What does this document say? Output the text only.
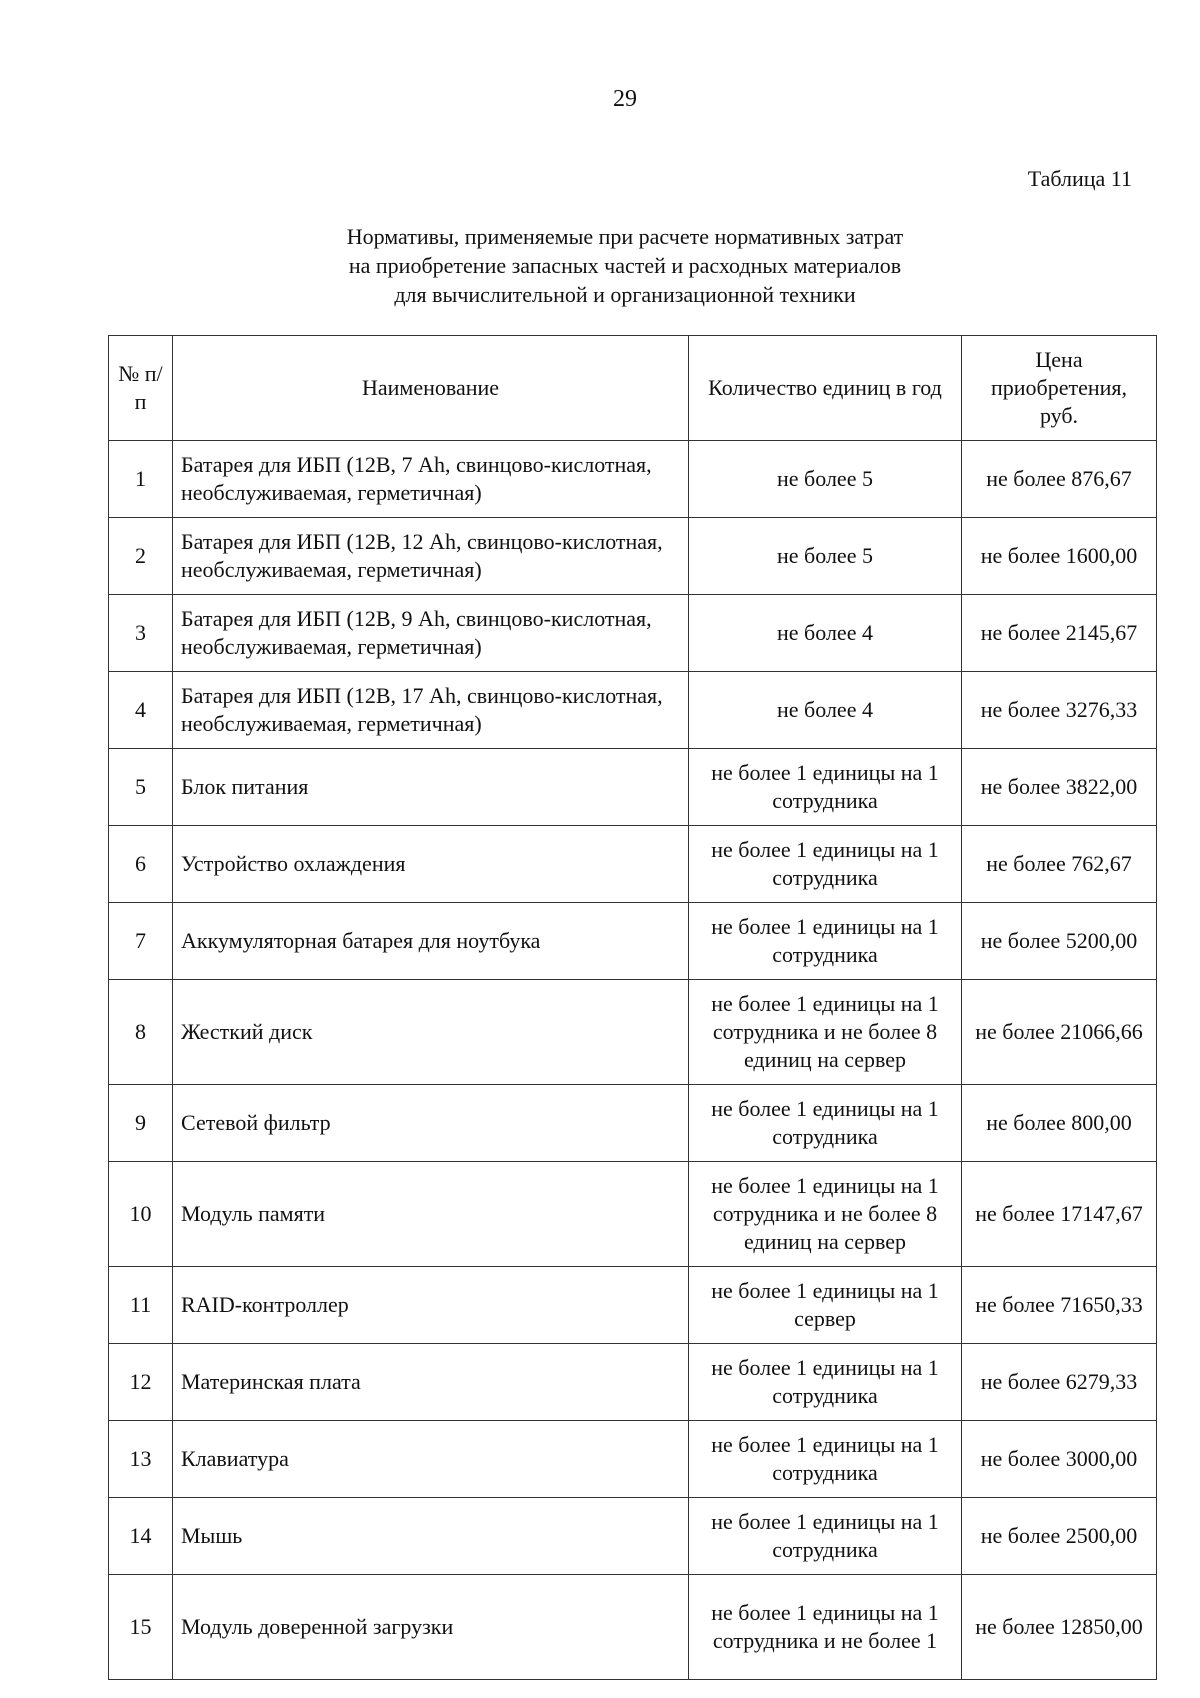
29
Таблица 11
Нормативы, применяемые при расчете нормативных затрат
на приобретение запасных частей и расходных материалов
для вычислительной и организационной техники
№ п/п	Наименование	Количество единиц в год	Цена приобретения, руб.
1	Батарея для ИБП (12В, 7 Ah, свинцово-кислотная, необслуживаемая, герметичная)	не более 5	не более 876,67
2	Батарея для ИБП (12В, 12 Ah, свинцово-кислотная, необслуживаемая, герметичная)	не более 5	не более 1600,00
3	Батарея для ИБП (12В, 9 Ah, свинцово-кислотная, необслуживаемая, герметичная)	не более 4	не более 2145,67
4	Батарея для ИБП (12В, 17 Ah, свинцово-кислотная, необслуживаемая, герметичная)	не более 4	не более 3276,33
5	Блок питания	не более 1 единицы на 1 сотрудника	не более 3822,00
6	Устройство охлаждения	не более 1 единицы на 1 сотрудника	не более 762,67
7	Аккумуляторная батарея для ноутбука	не более 1 единицы на 1 сотрудника	не более 5200,00
8	Жесткий диск	не более 1 единицы на 1 сотрудника и не более 8 единиц на сервер	не более 21066,66
9	Сетевой фильтр	не более 1 единицы на 1 сотрудника	не более 800,00
10	Модуль памяти	не более 1 единицы на 1 сотрудника и не более 8 единиц на сервер	не более 17147,67
11	RAID-контроллер	не более 1 единицы на 1 сервер	не более 71650,33
12	Материнская плата	не более 1 единицы на 1 сотрудника	не более 6279,33
13	Клавиатура	не более 1 единицы на 1 сотрудника	не более 3000,00
14	Мышь	не более 1 единицы на 1 сотрудника	не более 2500,00
15	Модуль доверенной загрузки	не более 1 единицы на 1 сотрудника и не более 1	не более 12850,00
